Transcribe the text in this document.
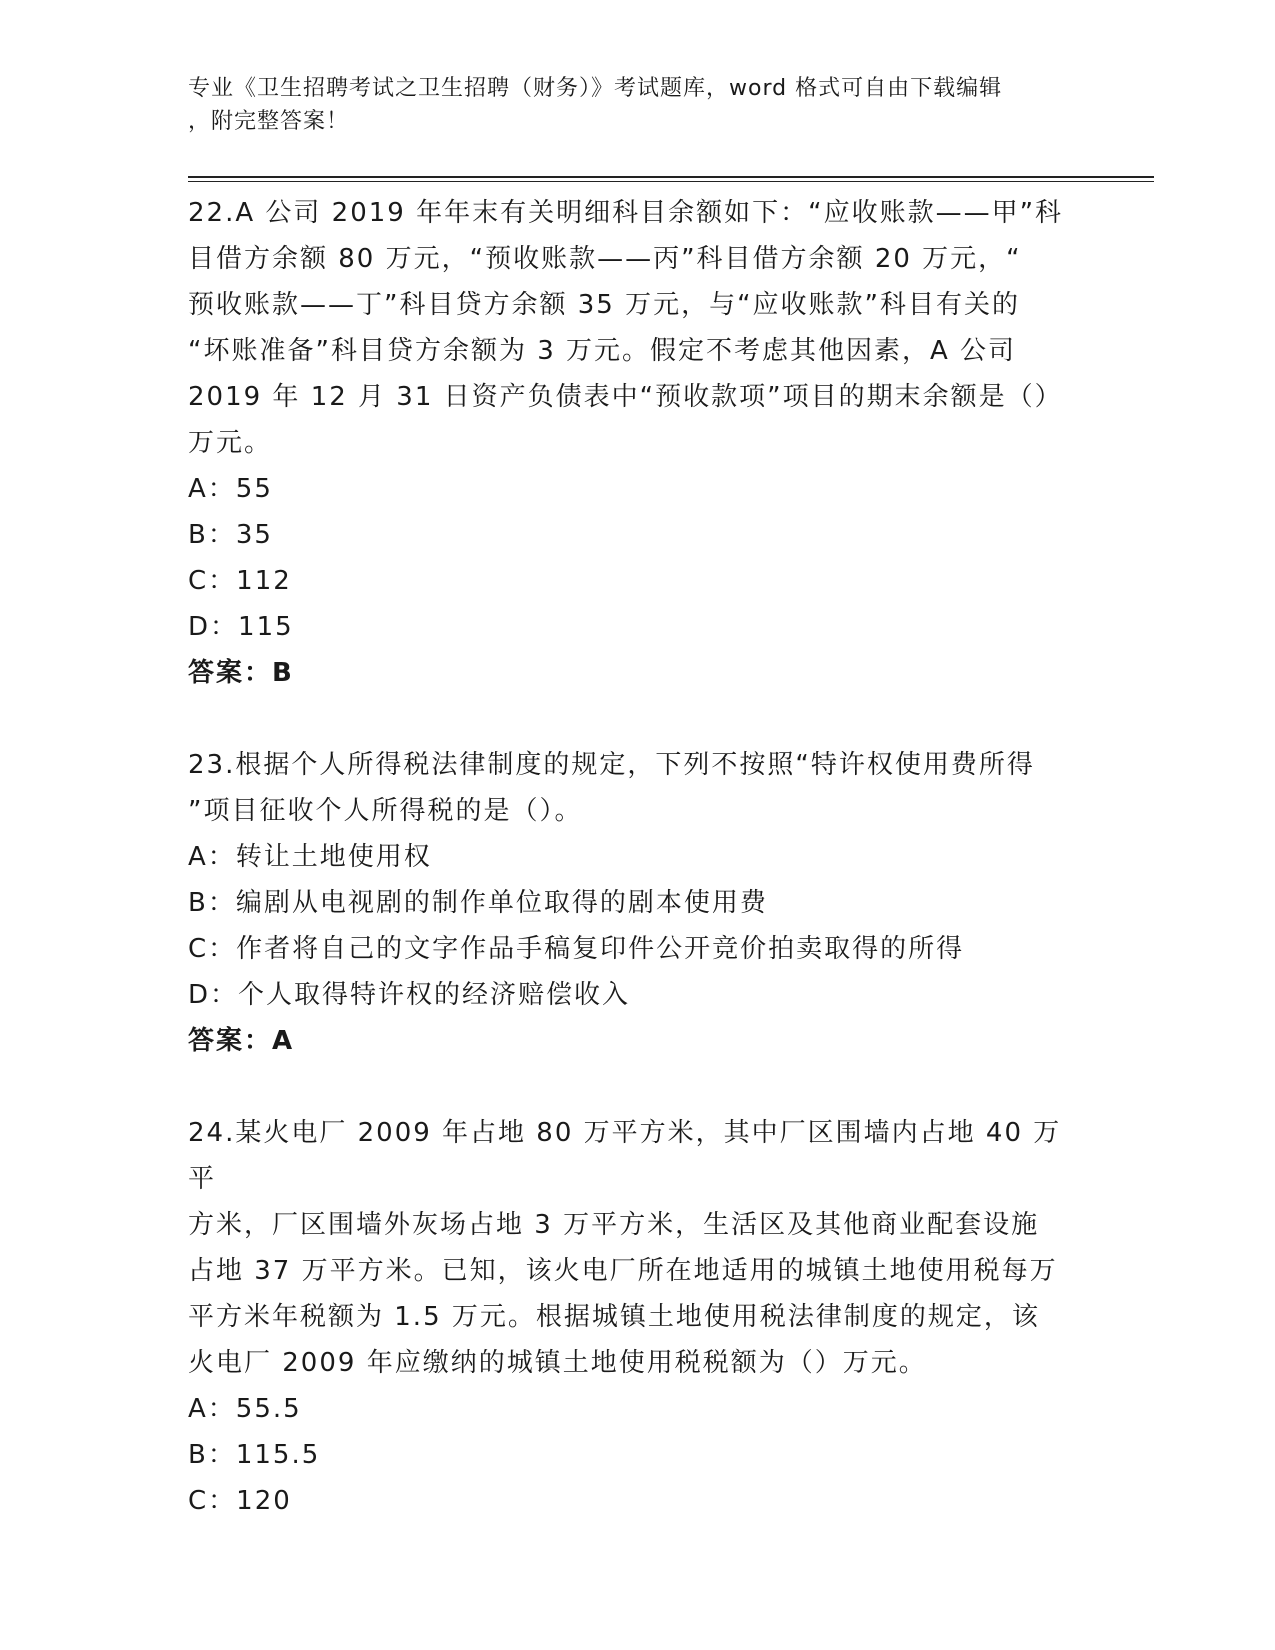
专业《卫生招聘考试之卫生招聘（财务）》考试题库，word 格式可自由下载编辑
，附完整答案！

22.A 公司 2019 年年末有关明细科目余额如下：“应收账款——甲”科

目借方余额 80 万元，“预收账款——丙”科目借方余额 20 万元，“

预收账款——丁”科目贷方余额 35 万元，与“应收账款”科目有关的

“坏账准备”科目贷方余额为 3 万元。假定不考虑其他因素，A 公司

2019 年 12 月 31 日资产负债表中“预收款项”项目的期末余额是（）

万元。

A：55

B：35

C：112

D：115

答案：B

23.根据个人所得税法律制度的规定，下列不按照“特许权使用费所得

”项目征收个人所得税的是（）。

A：转让土地使用权

B：编剧从电视剧的制作单位取得的剧本使用费

C：作者将自己的文字作品手稿复印件公开竞价拍卖取得的所得

D：个人取得特许权的经济赔偿收入

答案：A

24.某火电厂 2009 年占地 80 万平方米，其中厂区围墙内占地 40 万平

方米，厂区围墙外灰场占地 3 万平方米，生活区及其他商业配套设施

占地 37 万平方米。已知，该火电厂所在地适用的城镇土地使用税每万

平方米年税额为 1.5 万元。根据城镇土地使用税法律制度的规定，该

火电厂 2009 年应缴纳的城镇土地使用税税额为（）万元。

A：55.5

B：115.5

C：120
